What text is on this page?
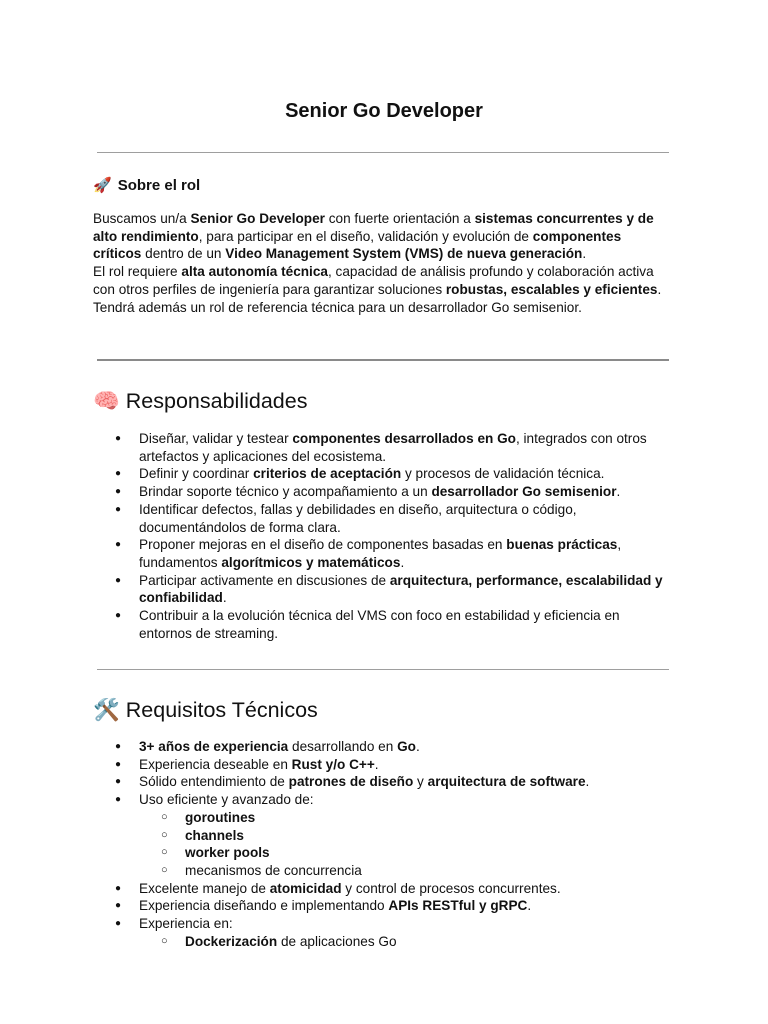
Senior Go Developer
🚀 Sobre el rol

Buscamos un/a Senior Go Developer con fuerte orientación a sistemas concurrentes y de alto rendimiento, para participar en el diseño, validación y evolución de componentes críticos dentro de un Video Management System (VMS) de nueva generación.

El rol requiere alta autonomía técnica, capacidad de análisis profundo y colaboración activa con otros perfiles de ingeniería para garantizar soluciones robustas, escalables y eficientes. Tendrá además un rol de referencia técnica para un desarrollador Go semisenior.

🧠 Responsabilidades
● Diseñar, validar y testear componentes desarrollados en Go, integrados con otros artefactos y aplicaciones del ecosistema.
● Definir y coordinar criterios de aceptación y procesos de validación técnica.
● Brindar soporte técnico y acompañamiento a un desarrollador Go semisenior.
● Identificar defectos, fallas y debilidades en diseño, arquitectura o código, documentándolos de forma clara.
● Proponer mejoras en el diseño de componentes basadas en buenas prácticas, fundamentos algorítmicos y matemáticos.
● Participar activamente en discusiones de arquitectura, performance, escalabilidad y confiabilidad.
● Contribuir a la evolución técnica del VMS con foco en estabilidad y eficiencia en entornos de streaming.
🛠️ Requisitos Técnicos
● 3+ años de experiencia desarrollando en Go.
● Experiencia deseable en Rust y/o C++.
● Sólido entendimiento de patrones de diseño y arquitectura de software.
● Uso eficiente y avanzado de:
○ goroutines
○ channels
○ worker pools
○ mecanismos de concurrencia
● Excelente manejo de atomicidad y control de procesos concurrentes.
● Experiencia diseñando e implementando APIs RESTful y gRPC.
● Experiencia en:
○ Dockerización de aplicaciones Go
